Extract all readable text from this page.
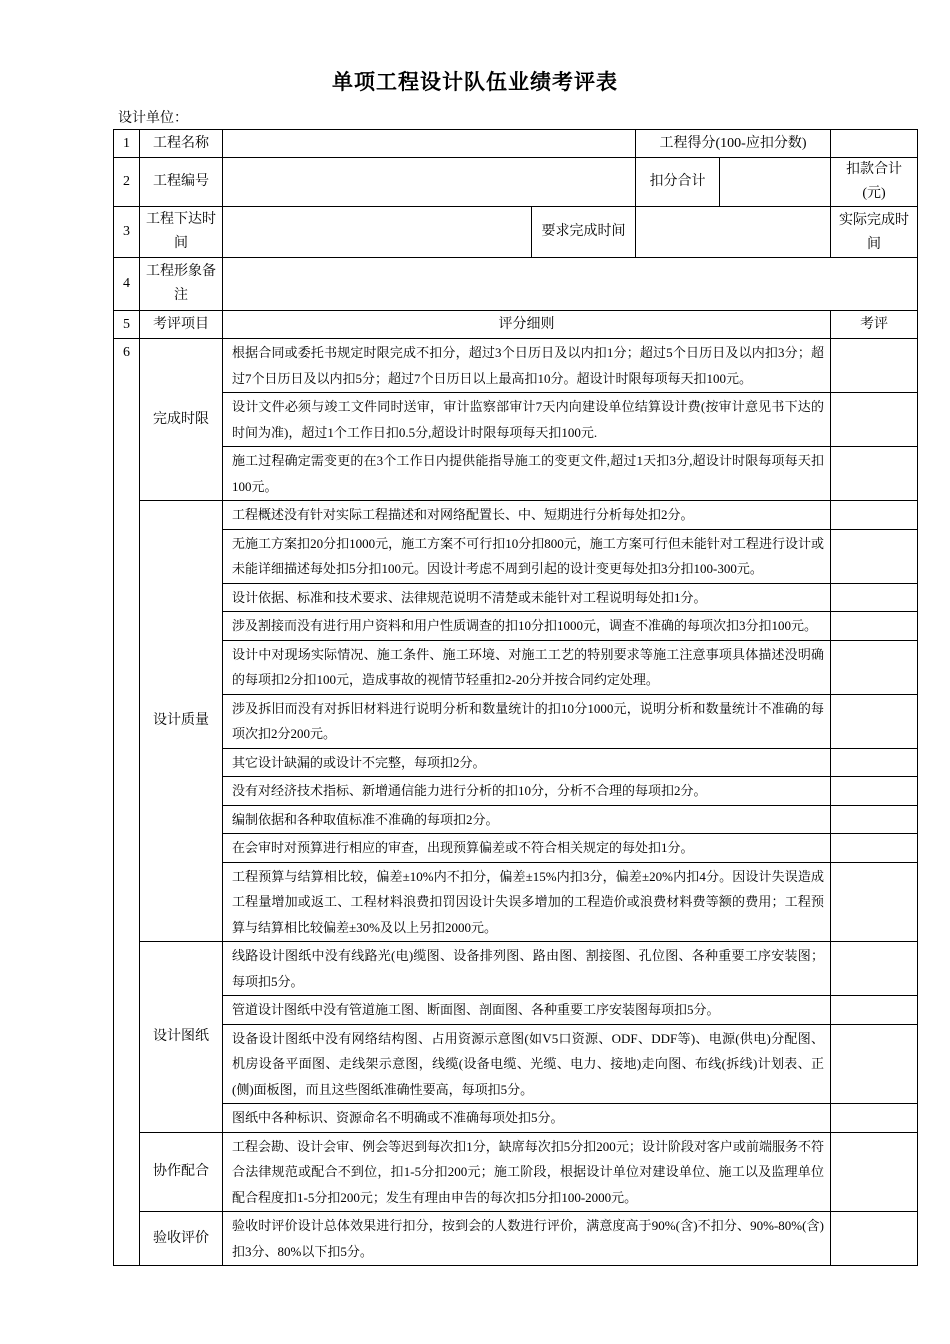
单项工程设计队伍业绩考评表
设计单位：
1	工程名称			工程得分(100-应扣分数)		
2	工程编号			扣分合计		扣款合计(元)
3	工程下达时间		要求完成时间			实际完成时间
4	工程形象备注					
5	考评项目	评分细则				考评
6	完成时限	根据合同或委托书规定时限完成不扣分，超过3个日历日及以内扣1分；超过5个日历日及以内扣3分；超过7个日历日及以内扣5分；超过7个日历日以上最高扣10分。超设计时限每项每天扣100元。				
		设计文件必须与竣工文件同时送审，审计监察部审计7天内向建设单位结算设计费(按审计意见书下达的时间为准)，超过1个工作日扣0.5分,超设计时限每项每天扣100元.				
		施工过程确定需变更的在3个工作日内提供能指导施工的变更文件,超过1天扣3分,超设计时限每项每天扣100元。				
	设计质量	工程概述没有针对实际工程描述和对网络配置长、中、短期进行分析每处扣2分。				
		无施工方案扣20分扣1000元，施工方案不可行扣10分扣800元，施工方案可行但未能针对工程进行设计或未能详细描述每处扣5分扣100元。因设计考虑不周到引起的设计变更每处扣3分扣100-300元。				
		设计依据、标准和技术要求、法律规范说明不清楚或未能针对工程说明每处扣1分。				
		涉及割接而没有进行用户资料和用户性质调查的扣10分扣1000元，调查不准确的每项次扣3分扣100元。				
		设计中对现场实际情况、施工条件、施工环境、对施工工艺的特别要求等施工注意事项具体描述没明确的每项扣2分扣100元，造成事故的视情节轻重扣2-20分并按合同约定处理。				
		涉及拆旧而没有对拆旧材料进行说明分析和数量统计的扣10分1000元，说明分析和数量统计不准确的每项次扣2分200元。				
		其它设计缺漏的或设计不完整，每项扣2分。				
		没有对经济技术指标、新增通信能力进行分析的扣10分，分析不合理的每项扣2分。				
		编制依据和各种取值标准不准确的每项扣2分。				
		在会审时对预算进行相应的审查，出现预算偏差或不符合相关规定的每处扣1分。				
		工程预算与结算相比较，偏差±10%内不扣分，偏差±15%内扣3分，偏差±20%内扣4分。因设计失误造成工程量增加或返工、工程材料浪费扣罚因设计失误多增加的工程造价或浪费材料费等额的费用；工程预算与结算相比较偏差±30%及以上另扣2000元。				
	设计图纸	线路设计图纸中没有线路光(电)缆图、设备排列图、路由图、割接图、孔位图、各种重要工序安装图；每项扣5分。				
		管道设计图纸中没有管道施工图、断面图、剖面图、各种重要工序安装图每项扣5分。				
		设备设计图纸中没有网络结构图、占用资源示意图(如V5口资源、ODF、DDF等)、电源(供电)分配图、机房设备平面图、走线架示意图，线缆(设备电缆、光缆、电力、接地)走向图、布线(拆线)计划表、正(侧)面板图，而且这些图纸准确性要高，每项扣5分。				
		图纸中各种标识、资源命名不明确或不准确每项处扣5分。				
	协作配合	工程会勘、设计会审、例会等迟到每次扣1分，缺席每次扣5分扣200元；设计阶段对客户或前端服务不符合法律规范或配合不到位，扣1-5分扣200元；施工阶段，根据设计单位对建设单位、施工以及监理单位配合程度扣1-5分扣200元；发生有理由申告的每次扣5分扣100-2000元。				
	验收评价	验收时评价设计总体效果进行扣分，按到会的人数进行评价，满意度高于90%(含)不扣分、90%-80%(含)扣3分、80%以下扣5分。				
